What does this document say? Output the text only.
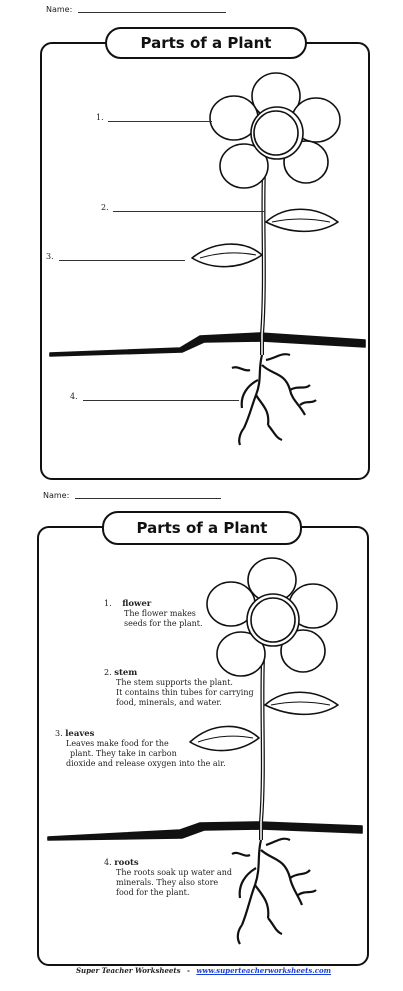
Name:
Parts of a Plant
1.
2.
3.
4.
Name:
Parts of a Plant
1. flower
The flower makes
seeds for the plant.
2. stem
The stem supports the plant.
It contains thin tubes for carrying
food, minerals, and water.
3. leaves
Leaves make food for the
plant. They take in carbon
dioxide and release oxygen into the air.
4. roots
The roots soak up water and
minerals. They also store
food for the plant.
Super Teacher Worksheets - www.superteacherworksheets.com
